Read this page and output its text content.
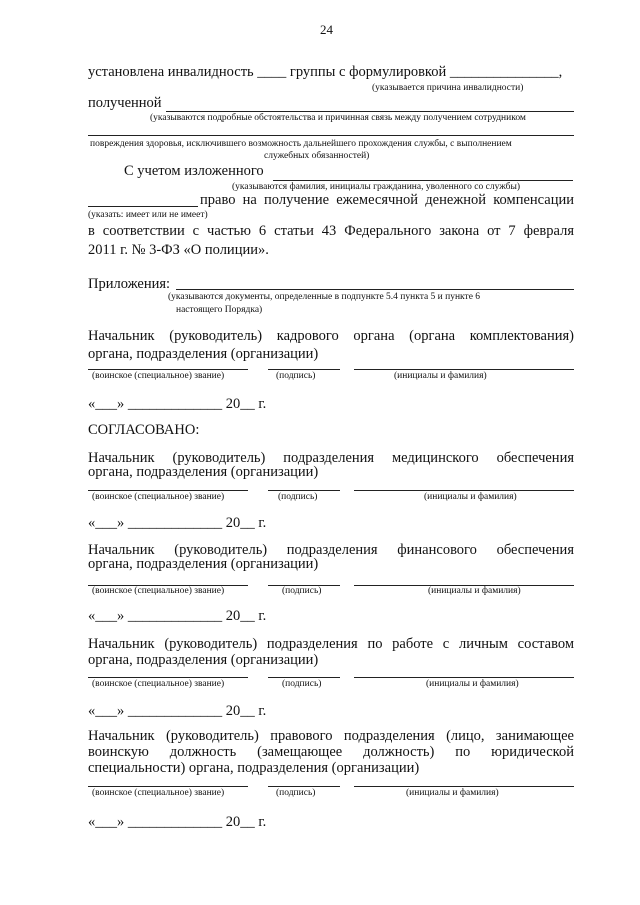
24
установлена инвалидность ____ группы с формулировкой _______________,
(указывается причина инвалидности)
полученной
(указываются подробные обстоятельства и причинная связь между получением сотрудником
повреждения здоровья, исключившего возможность дальнейшего прохождения службы, с выполнением
служебных обязанностей)
С учетом изложенного
(указываются фамилия, инициалы гражданина, уволенного со службы)
право на получение ежемесячной денежной компенсации
(указать: имеет или не имеет)
в соответствии с частью 6 статьи 43 Федерального закона от 7 февраля
2011 г. № 3-ФЗ «О полиции».
Приложения:
(указываются документы, определенные в подпункте 5.4 пункта 5 и пункте 6
настоящего Порядка)
Начальник (руководитель) кадрового органа (органа комплектования)
органа, подразделения (организации)
(воинское (специальное) звание)	(подпись)	(инициалы и фамилия)
«___» _____________ 20__ г.
СОГЛАСОВАНО:
Начальник (руководитель) подразделения медицинского обеспечения
органа, подразделения (организации)
(воинское (специальное) звание)	(подпись)	(инициалы и фамилия)
«___» _____________ 20__ г.
Начальник (руководитель) подразделения финансового обеспечения
органа, подразделения (организации)
(воинское (специальное) звание)	(подпись)	(инициалы и фамилия)
«___» _____________ 20__ г.
Начальник (руководитель) подразделения по работе с личным составом
органа, подразделения (организации)
(воинское (специальное) звание)	(подпись)	(инициалы и фамилия)
«___» _____________ 20__ г.
Начальник (руководитель) правового подразделения (лицо, занимающее
воинскую должность (замещающее должность) по юридической
специальности) органа, подразделения (организации)
(воинское (специальное) звание)	(подпись)	(инициалы и фамилия)
«___» _____________ 20__ г.
